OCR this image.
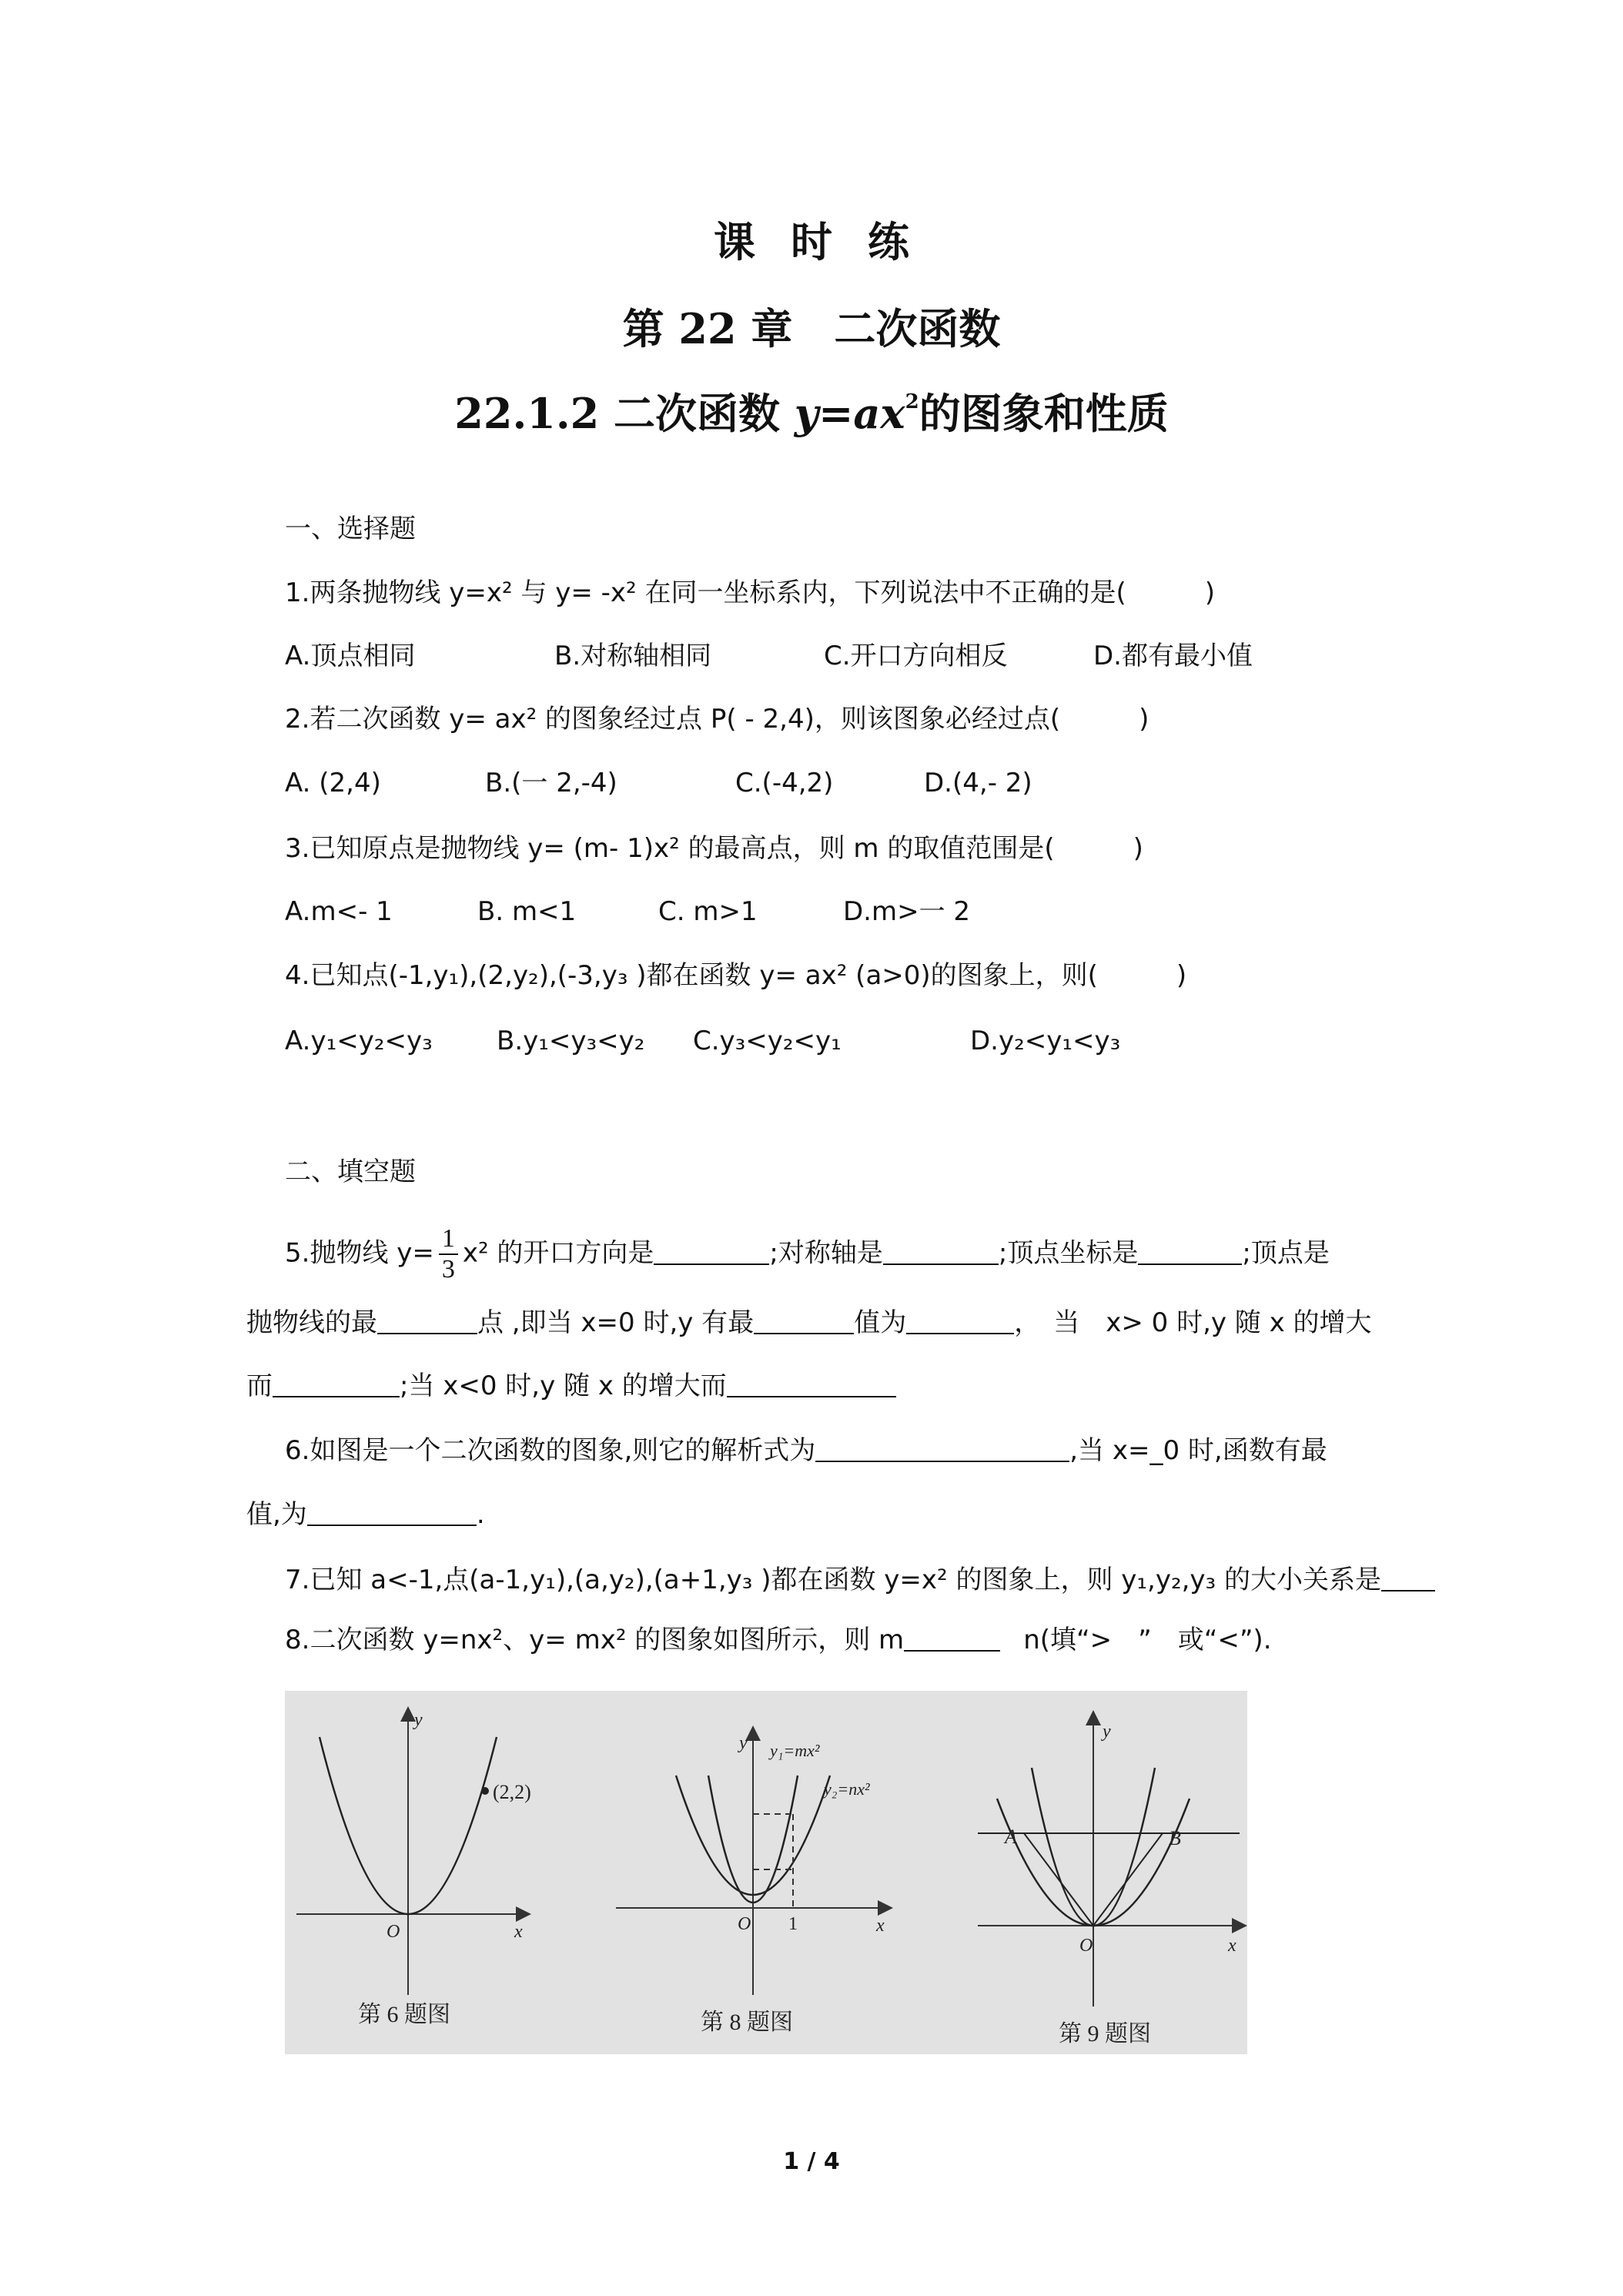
课时练
第 22 章　二次函数
22.1.2 二次函数 $y=ax^2$的图象和性质
一、选择题
1.两条抛物线 y=x² 与 y= -x² 在同一坐标系内，下列说法中不正确的是(　　　)
A.顶点相同	B.对称轴相同	C.开口方向相反	D.都有最小值
2.若二次函数 y= ax² 的图象经过点 P( - 2,4)，则该图象必经过点(　　　)
A. (2,4)	B.(一 2,-4)	C.(-4,2)	D.(4,- 2)
3.已知原点是抛物线 y= (m- 1)x² 的最高点，则 m 的取值范围是(　　　)
A.m<- 1	B. m<1	C. m>1	D.m>一 2
4.已知点(-1,y₁),(2,y₂),(-3,y₃ )都在函数 y= ax² (a>0)的图象上，则(　　　)
A.y₁<y₂<y₃ B.y₁<y₃<y₂ C.y₃<y₂<y₁	D.y₂<y₁<y₃
二、填空题
5.抛物线 $y= \frac{1}{3} x^2$ 的开口方向是	;对称轴是	;顶点坐标是	;顶点是
抛物线的最	点 ,即当 x=0 时,y 有最	值为	，　当　x> 0 时,y 随 x 的增大
而	;当 x<0 时,y 随 x 的增大而
6.如图是一个二次函数的图象,则它的解析式为	,当 x=_0 时,函数有最
值,为	.
7.已知 a<-1,点(a-1,y₁),(a,y₂),(a+1,y₃ )都在函数 y=x² 的图象上，则 y₁,y₂,y₃ 的大小关系是
8.二次函数 y=nx²、y= mx² 的图象如图所示，则 m	n(填“>　”　或“<”).
(2,2)
y
x
O
第 6 题图
y y₁=mx²
y₂=nx²
O 1	x
第 8 题图
y
A	B
O	x
第 9 题图
1 / 4
